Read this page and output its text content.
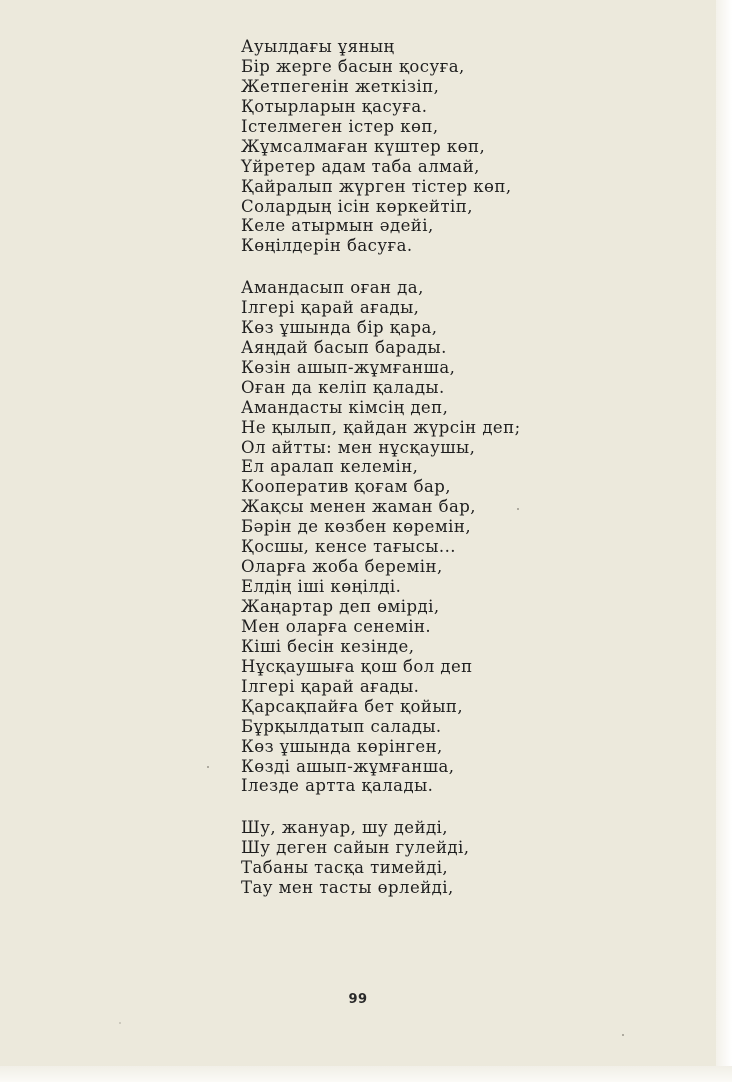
Ауылдағы ұяның
Бір жерге басын қосуға,
Жетпегенін жеткізіп,
Қотырларын қасуға.
Істелмеген істер көп,
Жұмсалмаған күштер көп,
Үйретер адам таба алмай,
Қайралып жүрген тістер көп,
Солардың ісін көркейтіп,
Келе атырмын әдейі,
Көңілдерін басуға.
Амандасып оған да,
Ілгері қарай ағады,
Көз ұшында бір қара,
Аяңдай басып барады.
Көзін ашып-жұмғанша,
Оған да келіп қалады.
Амандасты кімсің деп,
Не қылып, қайдан жүрсін деп;
Ол айтты: мен нұсқаушы,
Ел аралап келемін,
Кооператив қоғам бар,
Жақсы менен жаман бар,
Бәрін де көзбен көремін,
Қосшы, кенсе тағысы...
Оларға жоба беремін,
Елдің іші көңілді.
Жаңартар деп өмірді,
Мен оларға сенемін.
Кіші бесін кезінде,
Нұсқаушыға қош бол деп
Ілгері қарай ағады.
Қарсақпайға бет қойып,
Бұрқылдатып салады.
Көз ұшында көрінген,
Көзді ашып-жұмғанша,
Ілезде артта қалады.
Шу, жануар, шу дейді,
Шу деген сайын гулейді,
Табаны тасқа тимейді,
Тау мен тасты өрлейді,
99
